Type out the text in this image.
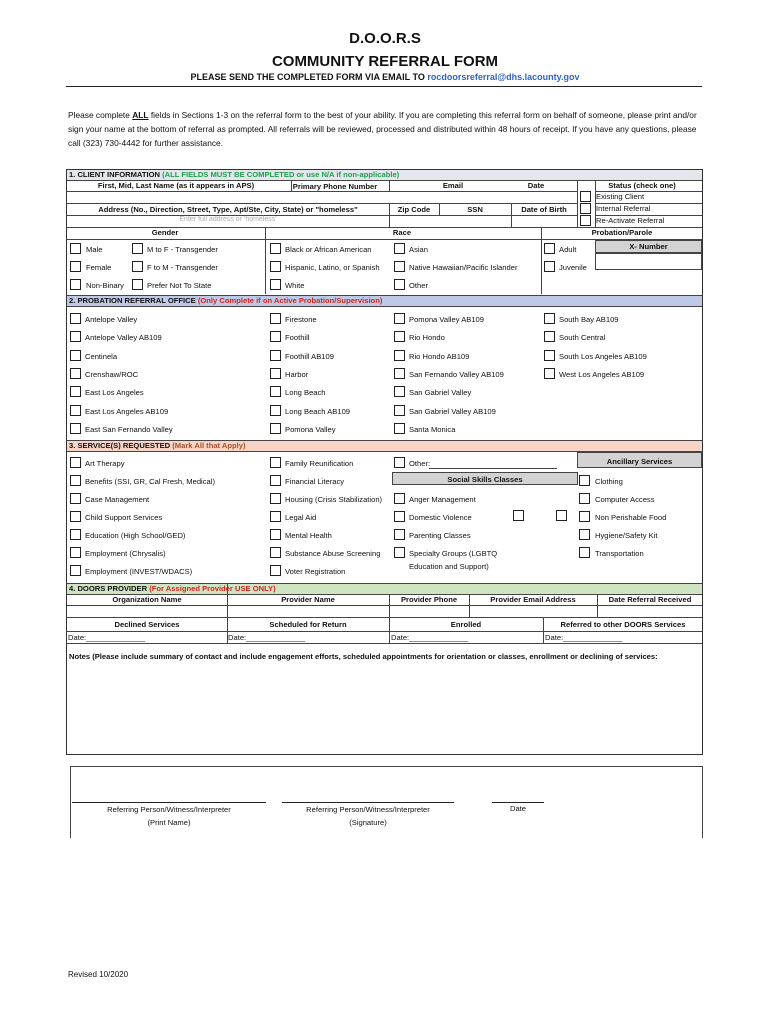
D.O.O.R.S
COMMUNITY REFERRAL FORM
PLEASE SEND THE COMPLETED FORM VIA EMAIL TO rocdoorsreferral@dhs.lacounty.gov
Please complete ALL fields in Sections 1-3 on the referral form to the best of your ability. If you are completing this referral form on behalf of someone, please print and/or sign your name at the bottom of referral as prompted. All referrals will be reviewed, processed and distributed within 48 hours of receipt. If you have any questions, please call (323) 730-4442 for further assistance.
1. CLIENT INFORMATION (ALL FIELDS MUST BE COMPLETED or use N/A if non-applicable)
First, Mid, Last Name (as it appears in APS)	Primary Phone Number	Email	Date	Status (check one)
Existing Client
Internal Referral
Re-Activate Referral
Address (No., Direction, Street, Type, Apt/Ste, City, State) or "homeless"	Zip Code	SSN	Date of Birth
Enter full address or 'homeless'
Gender	Race	Probation/Parole
Male	M to F - Transgender
Female	F to M - Transgender
Non-Binary	Prefer Not To State
Black or African American	Asian
Hispanic, Latino, or Spanish	Native Hawaiian/Pacific Islander
White	Other
Adult
Juvenile
X- Number
2. PROBATION REFERRAL OFFICE (Only Complete if on Active Probation/Supervision)
Antelope Valley
Antelope Valley AB109
Centinela
Crenshaw/ROC
East Los Angeles
East Los Angeles AB109
East San Fernando Valley
Firestone
Foothill
Foothill AB109
Harbor
Long Beach
Long Beach AB109
Pomona Valley
Pomona Valley AB109
Rio Hondo
Rio Hondo AB109
San Fernando Valley AB109
San Gabriel Valley
San Gabriel Valley AB109
Santa Monica
South Bay AB109
South Central
South Los Angeles AB109
West Los Angeles AB109
3. SERVICE(S) REQUESTED (Mark All that Apply)
Art Therapy
Benefits (SSI, GR, Cal Fresh, Medical)
Case Management
Child Support Services
Education (High School/GED)
Employment (Chrysalis)
Employment (INVEST/WDACS)
Family Reunification
Financial Literacy
Housing (Crisis Stabilization)
Legal Aid
Mental Health
Substance Abuse Screening
Voter Registration
Anger Management
Domestic Violence
Parenting Classes
Specialty Groups (LGBTQ
Education and Support)
Clothing
Computer Access
Non Perishable Food
Hygiene/Safety Kit
Transportation
Other:
Social Skills Classes
Ancillary Services
4. DOORS PROVIDER (For Assigned Provider USE ONLY)
Organization Name	Provider Name	Provider Phone	Provider Email Address	Date Referral Received
Declined Services	Scheduled for Return	Enrolled	Referred to other DOORS Services
Date:______________	Date:______________	Date:______________	Date:______________
Notes (Please include summary of contact and include engagement efforts, scheduled appointments for orientation or classes, enrollment or declining of services:
Referring Person/Witness/Interpreter
(Print Name)
Referring Person/Witness/Interpreter
(Signature)
Date
Revised 10/2020
